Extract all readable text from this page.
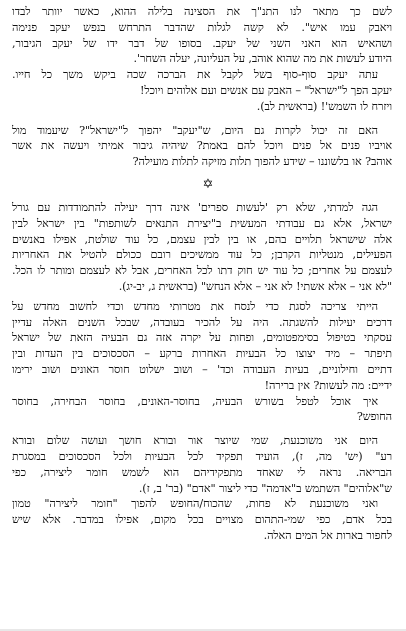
לשם כך מתאר לנו התנ"ך את הסצינה בלילה ההוא, כאשר יוותר לבדו
ויאבק עמו איש". לא קשה לגלות שהדבר התרחש בנפש יעקב פנימה
ושהאיש הוא האני השני של יעקב. בסופו של דבר ידו של יעקב הגיבור,
היודע לעשות את מה שהוא אוהב, על העליונה, יעלה השחר'.
עתה יעקב סוף-סוף בשל לקבל את הברכה שכה ביקש משך כל חייו.
יעקב הפך ל"ישראל" – האבק עם אנשים ועם אלוהים ויוכל!
ויזרח לו השמש'! (בראשית לב).
האם זה יכול לקרות גם היום, ש"יעקב" יהפוך ל"ישראל"? שיעמוד מול
אויביו פנים אל פנים ויוכל להם באמת? שיהיה גיבור אמיתי ויעשה את אשר
אוהב? או בלשוננו – שידע להפוך תלות מזיקה לתלות מועילה?
✡
הגה למדתי, שלא רק 'לעשות ספרים' אינה דרך יעילה להתמודדות עם גורל
ישראל, אלא גם עבודתי המעשית ב"יצירת התנאים לשותפות" בין ישראל לבין
אלה שישראל תלויים בהם, או בין לבין עצמם, כל עוד שולטת, אפילו באנשים
הפעילים, מנטליות הקרבן; כל עוד ממשיכים רובם ככולם להטיל את האחריות
לעצמם על אחרים; כל עוד יש חוק דתו לכל האחרים, אבל לא לעצמם ומותר לו הכל.
"לא אני – אלא אשתי! לא אני – אלא הנחש" (בראשית ג, יב-יג).
הייתי צריכה לסגת כדי לנסח את מטרותי מחדש וכדי לחשוב מחדש על
דרכים יעילות להשגתה. היה על להכיר בעובדה, שבכל השנים האלה עדיין
עסקתי בטיפול בסימפטומים, ופחות על יקרה אזה גם הבעיה הזאת של ישראל
תיפתר – מיד יצוצו כל הבעיות האחרות ברקע – הסכסוכים בין העדות ובין
דתיים וחילוניים, בעיות העבודה וכד' – ושוב ישלוט חוסר האונים ושוב ירימו
ידיים: מה לעשות? אין ברירה!
איך אוכל לטפל בשורש הבעיה, בחוסר-האונים, בחוסר הבחירה, בחוסר
החופש?
היום אני משוכנעת, שמי שיוצר אור ובורא חושך ועושה שלום ובורא
רע" (יש' מה, ז), הועיד תפקיד לכל הבעיות ולכל הסכסוכים במסגרת
הבריאה. נראה לי שאחד מתפקידיהם הוא לשמש חומר ליצירה, כפי
ש"אלוהים" השתמש ב"אדמה" כדי ליצור "אדם" (בר' ב, ז).
ואני משוכנעת לא פחות, שהכוח/החופש להפוך "חומר ליצירה" טמון
בכל אדם, כפי שמי-התהום מצויים בכל מקום, אפילו במדבר. אלא שיש
לחפור בארות אל המים האלה.
